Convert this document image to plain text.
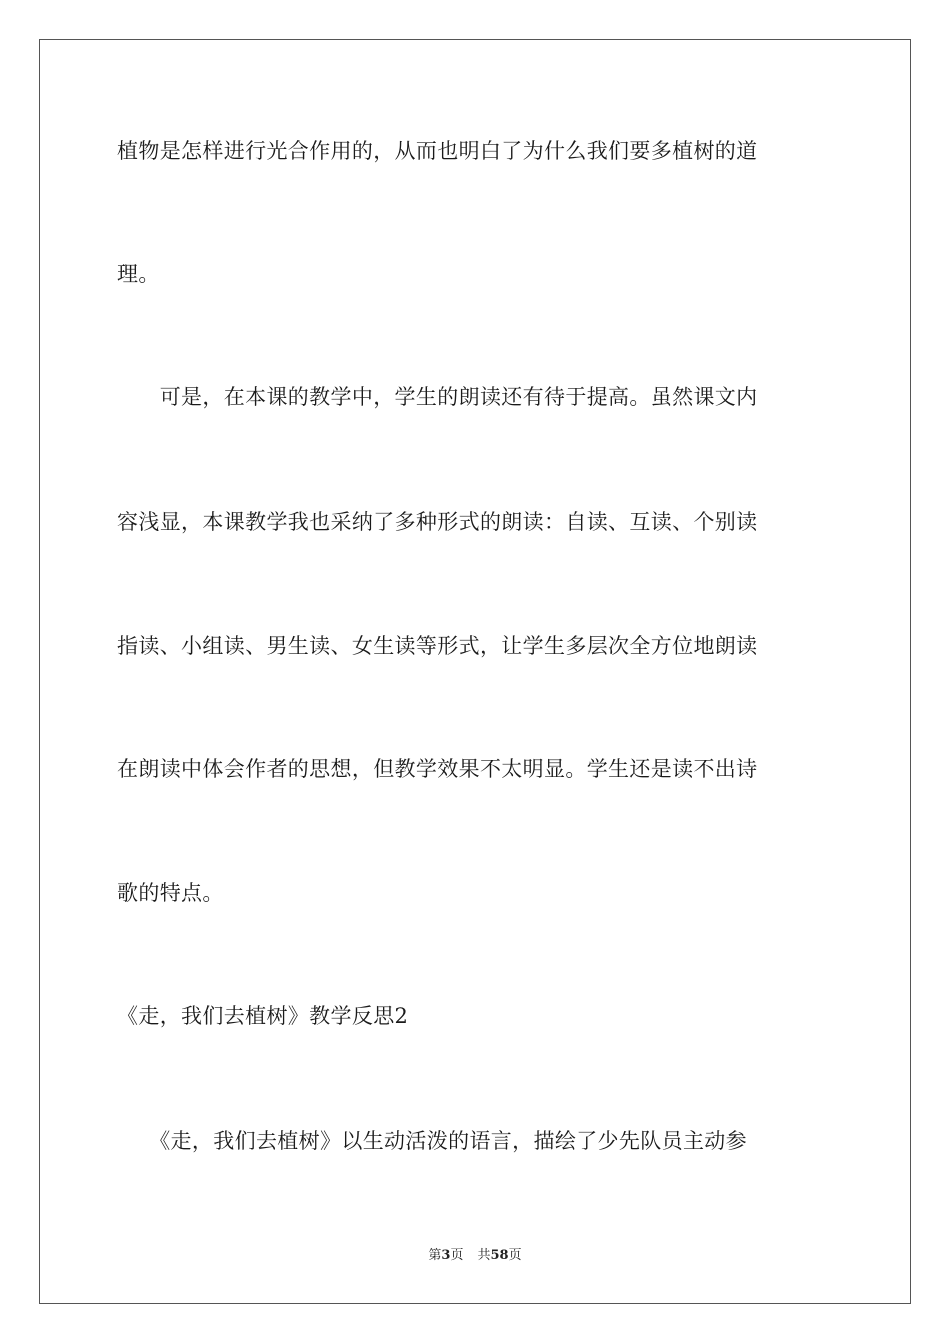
植物是怎样进行光合作用的，从而也明白了为什么我们要多植树的道
理。
　　可是，在本课的教学中，学生的朗读还有待于提高。虽然课文内
容浅显，本课教学我也采纳了多种形式的朗读：自读、互读、个别读
指读、小组读、男生读、女生读等形式，让学生多层次全方位地朗读
在朗读中体会作者的思想，但教学效果不太明显。学生还是读不出诗
歌的特点。
《走，我们去植树》教学反思2
　　《走，我们去植树》以生动活泼的语言，描绘了少先队员主动参
第3页 共58页
